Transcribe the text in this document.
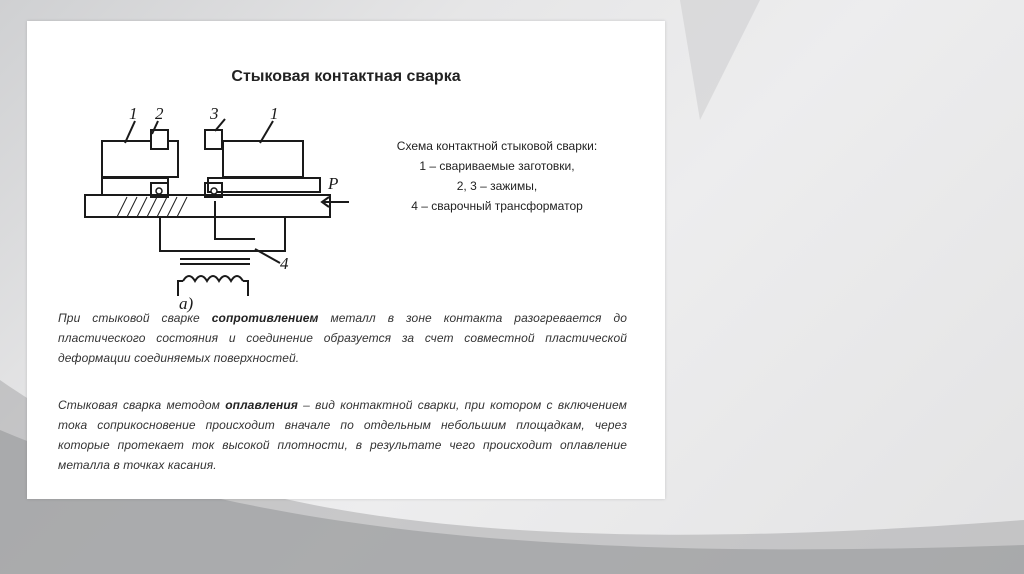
Стыковая контактная сварка
1 2	3	1
P
4
а)
Схема контактной стыковой сварки:
1 – свариваемые заготовки,
2, 3 – зажимы,
4 – сварочный трансформатор
При стыковой сварке сопротивлением металл в зоне контакта разогревается до пластического состояния и соединение образуется за счет совместной пластической деформации соединяемых поверхностей.
Стыковая сварка методом оплавления – вид контактной сварки, при котором с включением тока соприкосновение происходит вначале по отдельным небольшим площадкам, через которые протекает ток высокой плотности, в результате чего происходит оплавление металла в точках касания.
